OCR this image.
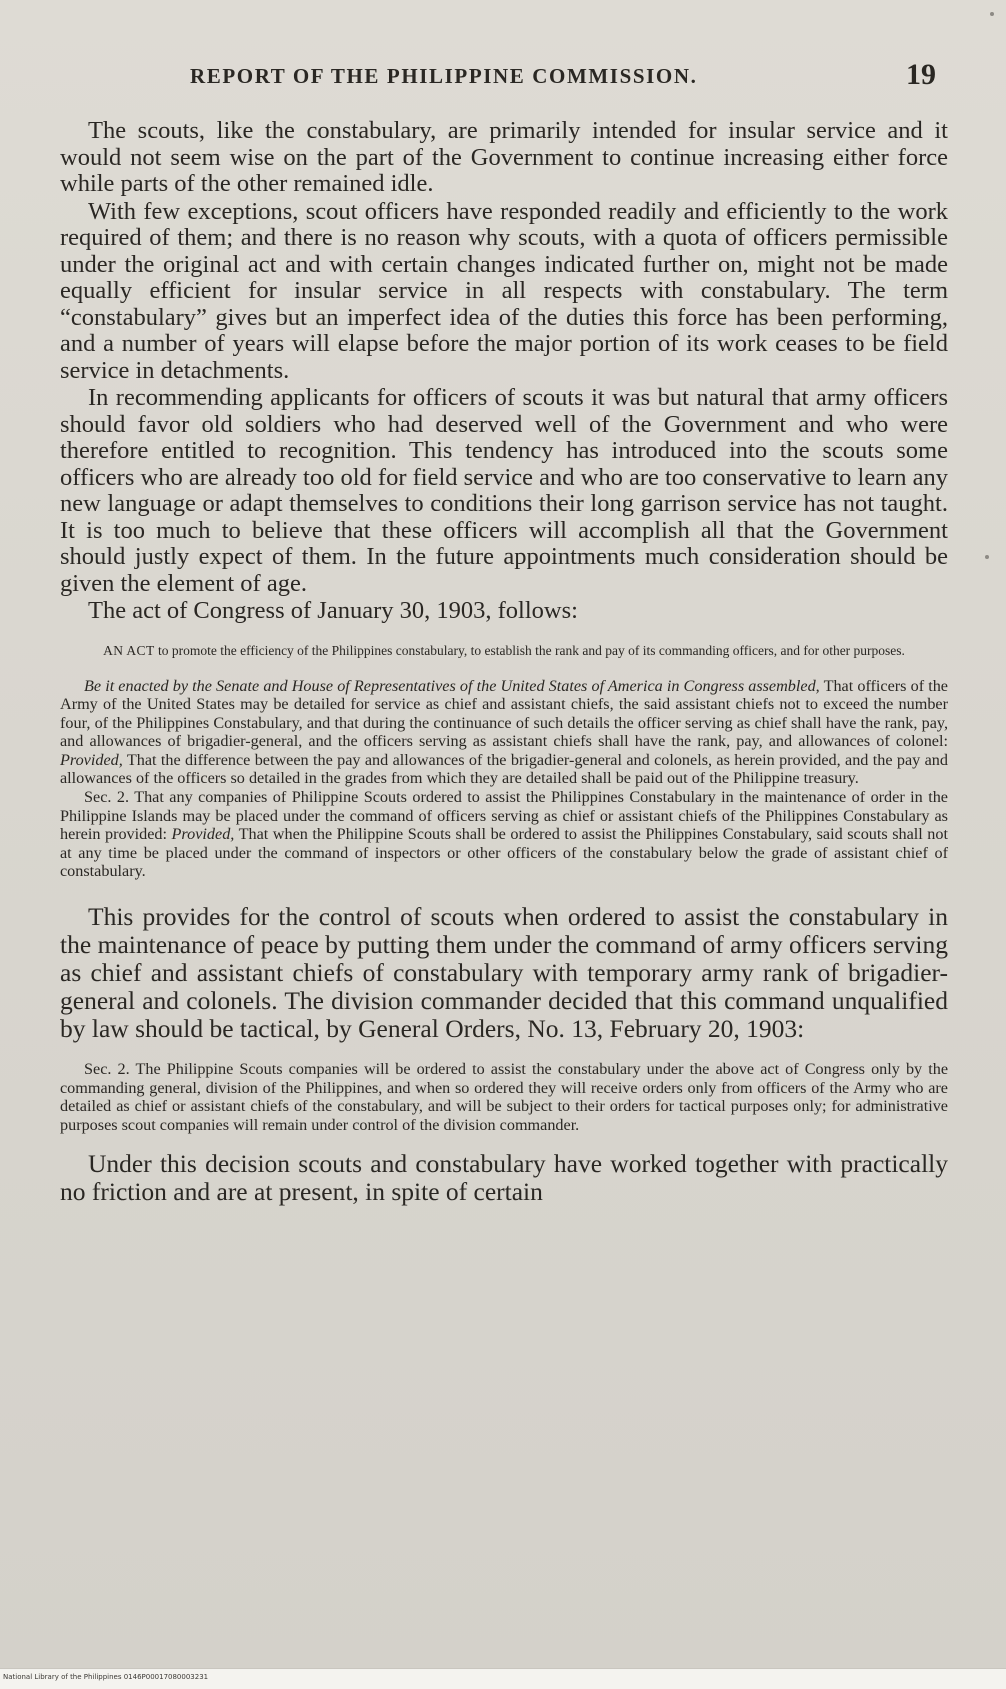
REPORT OF THE PHILIPPINE COMMISSION.	19

The scouts, like the constabulary, are primarily intended for insular service and it would not seem wise on the part of the Government to continue increasing either force while parts of the other remained idle.

With few exceptions, scout officers have responded readily and efficiently to the work required of them; and there is no reason why scouts, with a quota of officers permissible under the original act and with certain changes indicated further on, might not be made equally efficient for insular service in all respects with constabulary. The term “constabulary” gives but an imperfect idea of the duties this force has been performing, and a number of years will elapse before the major portion of its work ceases to be field service in detachments.

In recommending applicants for officers of scouts it was but natural that army officers should favor old soldiers who had deserved well of the Government and who were therefore entitled to recognition. This tendency has introduced into the scouts some officers who are already too old for field service and who are too conservative to learn any new language or adapt themselves to conditions their long garrison service has not taught. It is too much to believe that these officers will accomplish all that the Government should justly expect of them. In the future appointments much consideration should be given the element of age.

The act of Congress of January 30, 1903, follows:

AN ACT to promote the efficiency of the Philippines constabulary, to establish the rank and pay of its commanding officers, and for other purposes.

Be it enacted by the Senate and House of Representatives of the United States of America in Congress assembled, That officers of the Army of the United States may be detailed for service as chief and assistant chiefs, the said assistant chiefs not to exceed the number four, of the Philippines Constabulary, and that during the continuance of such details the officer serving as chief shall have the rank, pay, and allowances of brigadier-general, and the officers serving as assistant chiefs shall have the rank, pay, and allowances of colonel: Provided, That the difference between the pay and allowances of the brigadier-general and colonels, as herein provided, and the pay and allowances of the officers so detailed in the grades from which they are detailed shall be paid out of the Philippine treasury.

Sec. 2. That any companies of Philippine Scouts ordered to assist the Philippines Constabulary in the maintenance of order in the Philippine Islands may be placed under the command of officers serving as chief or assistant chiefs of the Philippines Constabulary as herein provided: Provided, That when the Philippine Scouts shall be ordered to assist the Philippines Constabulary, said scouts shall not at any time be placed under the command of inspectors or other officers of the constabulary below the grade of assistant chief of constabulary.

This provides for the control of scouts when ordered to assist the constabulary in the maintenance of peace by putting them under the command of army officers serving as chief and assistant chiefs of constabulary with temporary army rank of brigadier-general and colonels. The division commander decided that this command unqualified by law should be tactical, by General Orders, No. 13, February 20, 1903:

Sec. 2. The Philippine Scouts companies will be ordered to assist the constabulary under the above act of Congress only by the commanding general, division of the Philippines, and when so ordered they will receive orders only from officers of the Army who are detailed as chief or assistant chiefs of the constabulary, and will be subject to their orders for tactical purposes only; for administrative purposes scout companies will remain under control of the division commander.

Under this decision scouts and constabulary have worked together with practically no friction and are at present, in spite of certain

National Library of the Philippines 0146P00017080003231
